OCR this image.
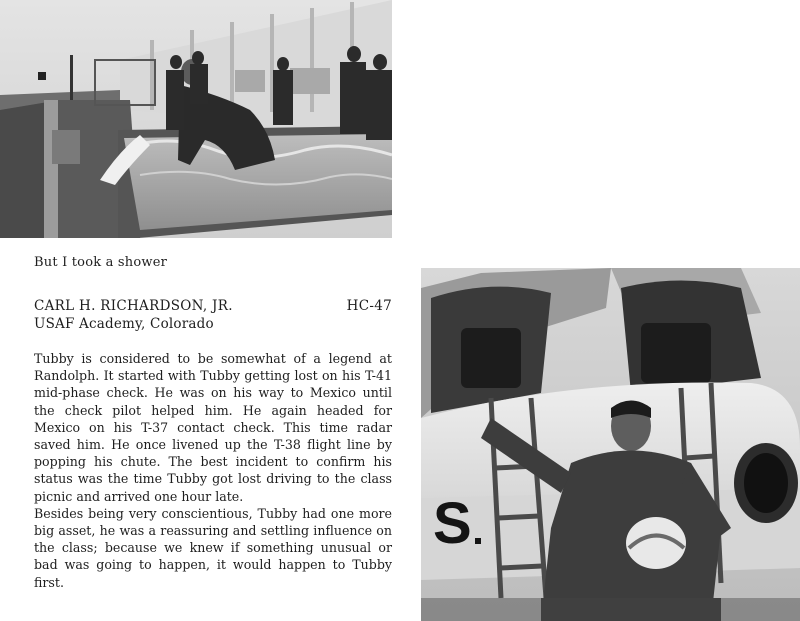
But I took a shower
CARL H. RICHARDSON, JR.	HC-47
USAF Academy, Colorado

Tubby is considered to be somewhat of a legend at Randolph. It started with Tubby getting lost on his T-41 mid-phase check. He was on his way to Mexico until the check pilot helped him. He again headed for Mexico on his T-37 contact check. This time radar saved him. He once livened up the T-38 flight line by popping his chute. The best incident to confirm his status was the time Tubby got lost driving to the class picnic and arrived one hour late.

Besides being very conscientious, Tubby had one more big asset, he was a reassuring and settling influence on the class; because we knew if something unusual or bad was going to happen, it would happen to Tubby first.

S
